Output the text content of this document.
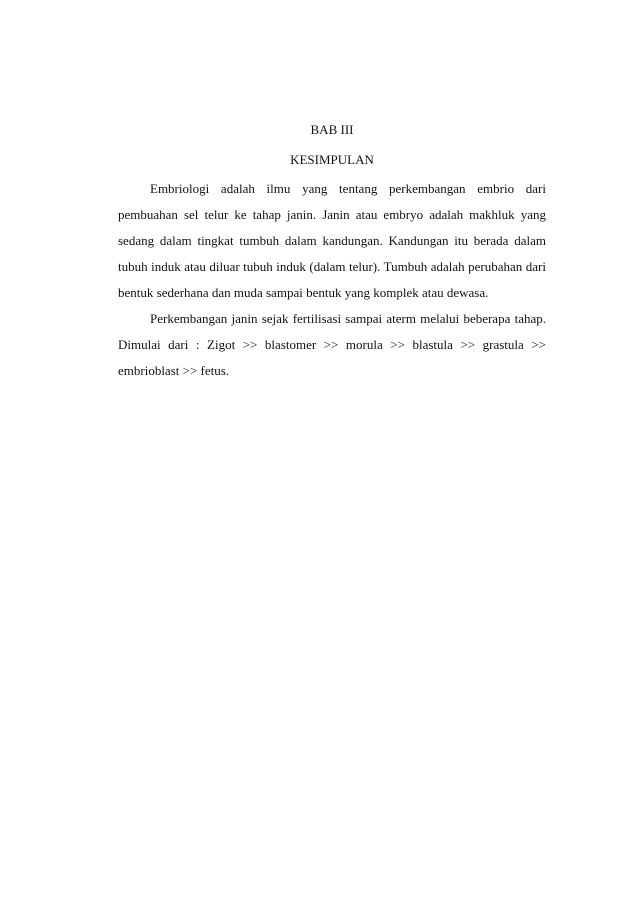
BAB III

KESIMPULAN

Embriologi adalah ilmu yang tentang perkembangan embrio dari pembuahan sel telur ke tahap janin. Janin atau embryo adalah makhluk yang sedang dalam tingkat tumbuh dalam kandungan. Kandungan itu berada dalam tubuh induk atau diluar tubuh induk (dalam telur). Tumbuh adalah perubahan dari bentuk sederhana dan muda sampai bentuk yang komplek atau dewasa.

Perkembangan janin sejak fertilisasi sampai aterm melalui beberapa tahap. Dimulai dari : Zigot >> blastomer >> morula >> blastula >> grastula >> embrioblast >> fetus.
